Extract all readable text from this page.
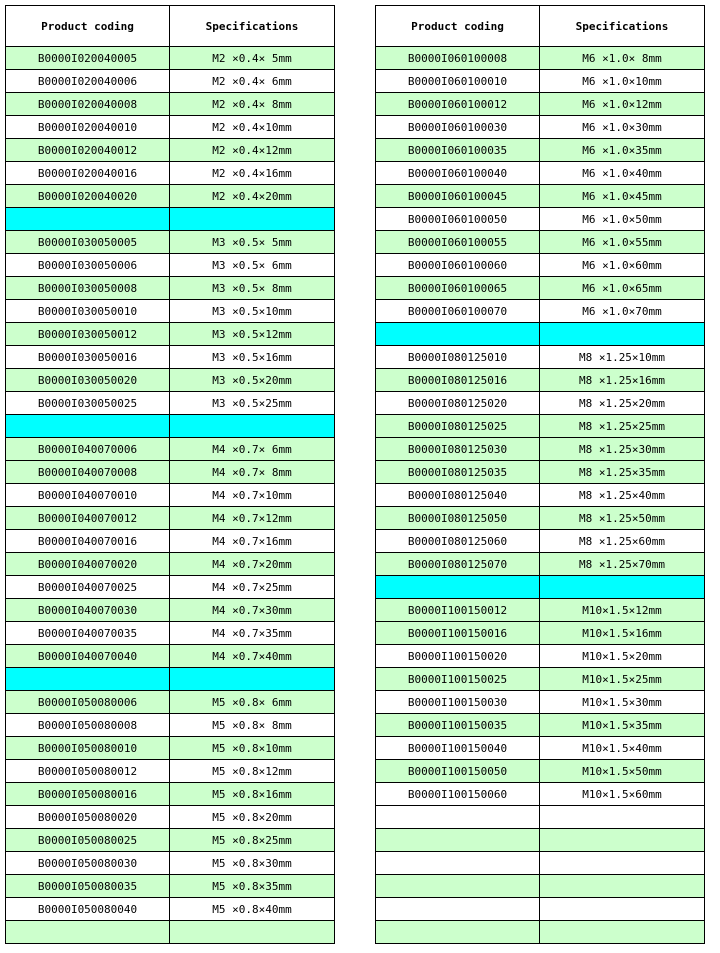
Product coding	Specifications
B0000I020040005	M2 ×0.4× 5mm
B0000I020040006	M2 ×0.4× 6mm
B0000I020040008	M2 ×0.4× 8mm
B0000I020040010	M2 ×0.4×10mm
B0000I020040012	M2 ×0.4×12mm
B0000I020040016	M2 ×0.4×16mm
B0000I020040020	M2 ×0.4×20mm

B0000I030050005	M3 ×0.5× 5mm
B0000I030050006	M3 ×0.5× 6mm
B0000I030050008	M3 ×0.5× 8mm
B0000I030050010	M3 ×0.5×10mm
B0000I030050012	M3 ×0.5×12mm
B0000I030050016	M3 ×0.5×16mm
B0000I030050020	M3 ×0.5×20mm
B0000I030050025	M3 ×0.5×25mm

B0000I040070006	M4 ×0.7× 6mm
B0000I040070008	M4 ×0.7× 8mm
B0000I040070010	M4 ×0.7×10mm
B0000I040070012	M4 ×0.7×12mm
B0000I040070016	M4 ×0.7×16mm
B0000I040070020	M4 ×0.7×20mm
B0000I040070025	M4 ×0.7×25mm
B0000I040070030	M4 ×0.7×30mm
B0000I040070035	M4 ×0.7×35mm
B0000I040070040	M4 ×0.7×40mm

B0000I050080006	M5 ×0.8× 6mm
B0000I050080008	M5 ×0.8× 8mm
B0000I050080010	M5 ×0.8×10mm
B0000I050080012	M5 ×0.8×12mm
B0000I050080016	M5 ×0.8×16mm
B0000I050080020	M5 ×0.8×20mm
B0000I050080025	M5 ×0.8×25mm
B0000I050080030	M5 ×0.8×30mm
B0000I050080035	M5 ×0.8×35mm
B0000I050080040	M5 ×0.8×40mm

Product coding	Specifications
B0000I060100008	M6 ×1.0× 8mm
B0000I060100010	M6 ×1.0×10mm
B0000I060100012	M6 ×1.0×12mm
B0000I060100030	M6 ×1.0×30mm
B0000I060100035	M6 ×1.0×35mm
B0000I060100040	M6 ×1.0×40mm
B0000I060100045	M6 ×1.0×45mm
B0000I060100050	M6 ×1.0×50mm
B0000I060100055	M6 ×1.0×55mm
B0000I060100060	M6 ×1.0×60mm
B0000I060100065	M6 ×1.0×65mm
B0000I060100070	M6 ×1.0×70mm

B0000I080125010	M8 ×1.25×10mm
B0000I080125016	M8 ×1.25×16mm
B0000I080125020	M8 ×1.25×20mm
B0000I080125025	M8 ×1.25×25mm
B0000I080125030	M8 ×1.25×30mm
B0000I080125035	M8 ×1.25×35mm
B0000I080125040	M8 ×1.25×40mm
B0000I080125050	M8 ×1.25×50mm
B0000I080125060	M8 ×1.25×60mm
B0000I080125070	M8 ×1.25×70mm

B0000I100150012	M10×1.5×12mm
B0000I100150016	M10×1.5×16mm
B0000I100150020	M10×1.5×20mm
B0000I100150025	M10×1.5×25mm
B0000I100150030	M10×1.5×30mm
B0000I100150035	M10×1.5×35mm
B0000I100150040	M10×1.5×40mm
B0000I100150050	M10×1.5×50mm
B0000I100150060	M10×1.5×60mm
